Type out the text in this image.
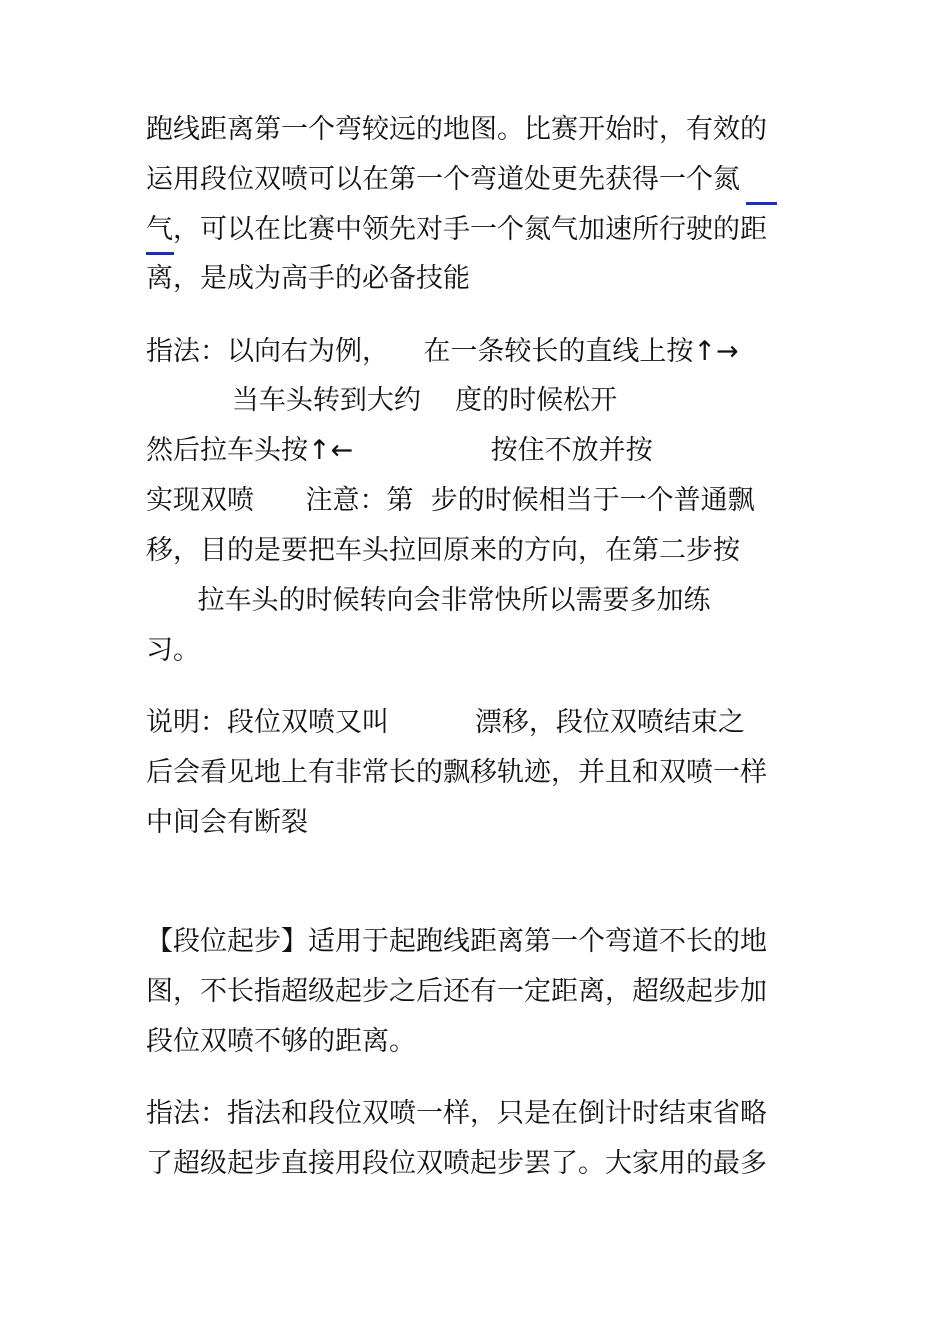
跑线距离第一个弯较远的地图。比赛开始时，有效的
运用段位双喷可以在第一个弯道处更先获得一个氮
气，可以在比赛中领先对手一个氮气加速所行驶的距
离，是成为高手的必备技能
指法：以向右为例，    在一条较长的直线上按↑→
当车头转到大约    度的时候松开
然后拉车头按↑←                按住不放并按
实现双喷      注意：第  步的时候相当于一个普通飘
移，目的是要把车头拉回原来的方向，在第二步按
拉车头的时候转向会非常快所以需要多加练
习。
说明：段位双喷又叫          漂移，段位双喷结束之
后会看见地上有非常长的飘移轨迹，并且和双喷一样
中间会有断裂
【段位起步】适用于起跑线距离第一个弯道不长的地
图，不长指超级起步之后还有一定距离，超级起步加
段位双喷不够的距离。
指法：指法和段位双喷一样，只是在倒计时结束省略
了超级起步直接用段位双喷起步罢了。大家用的最多
